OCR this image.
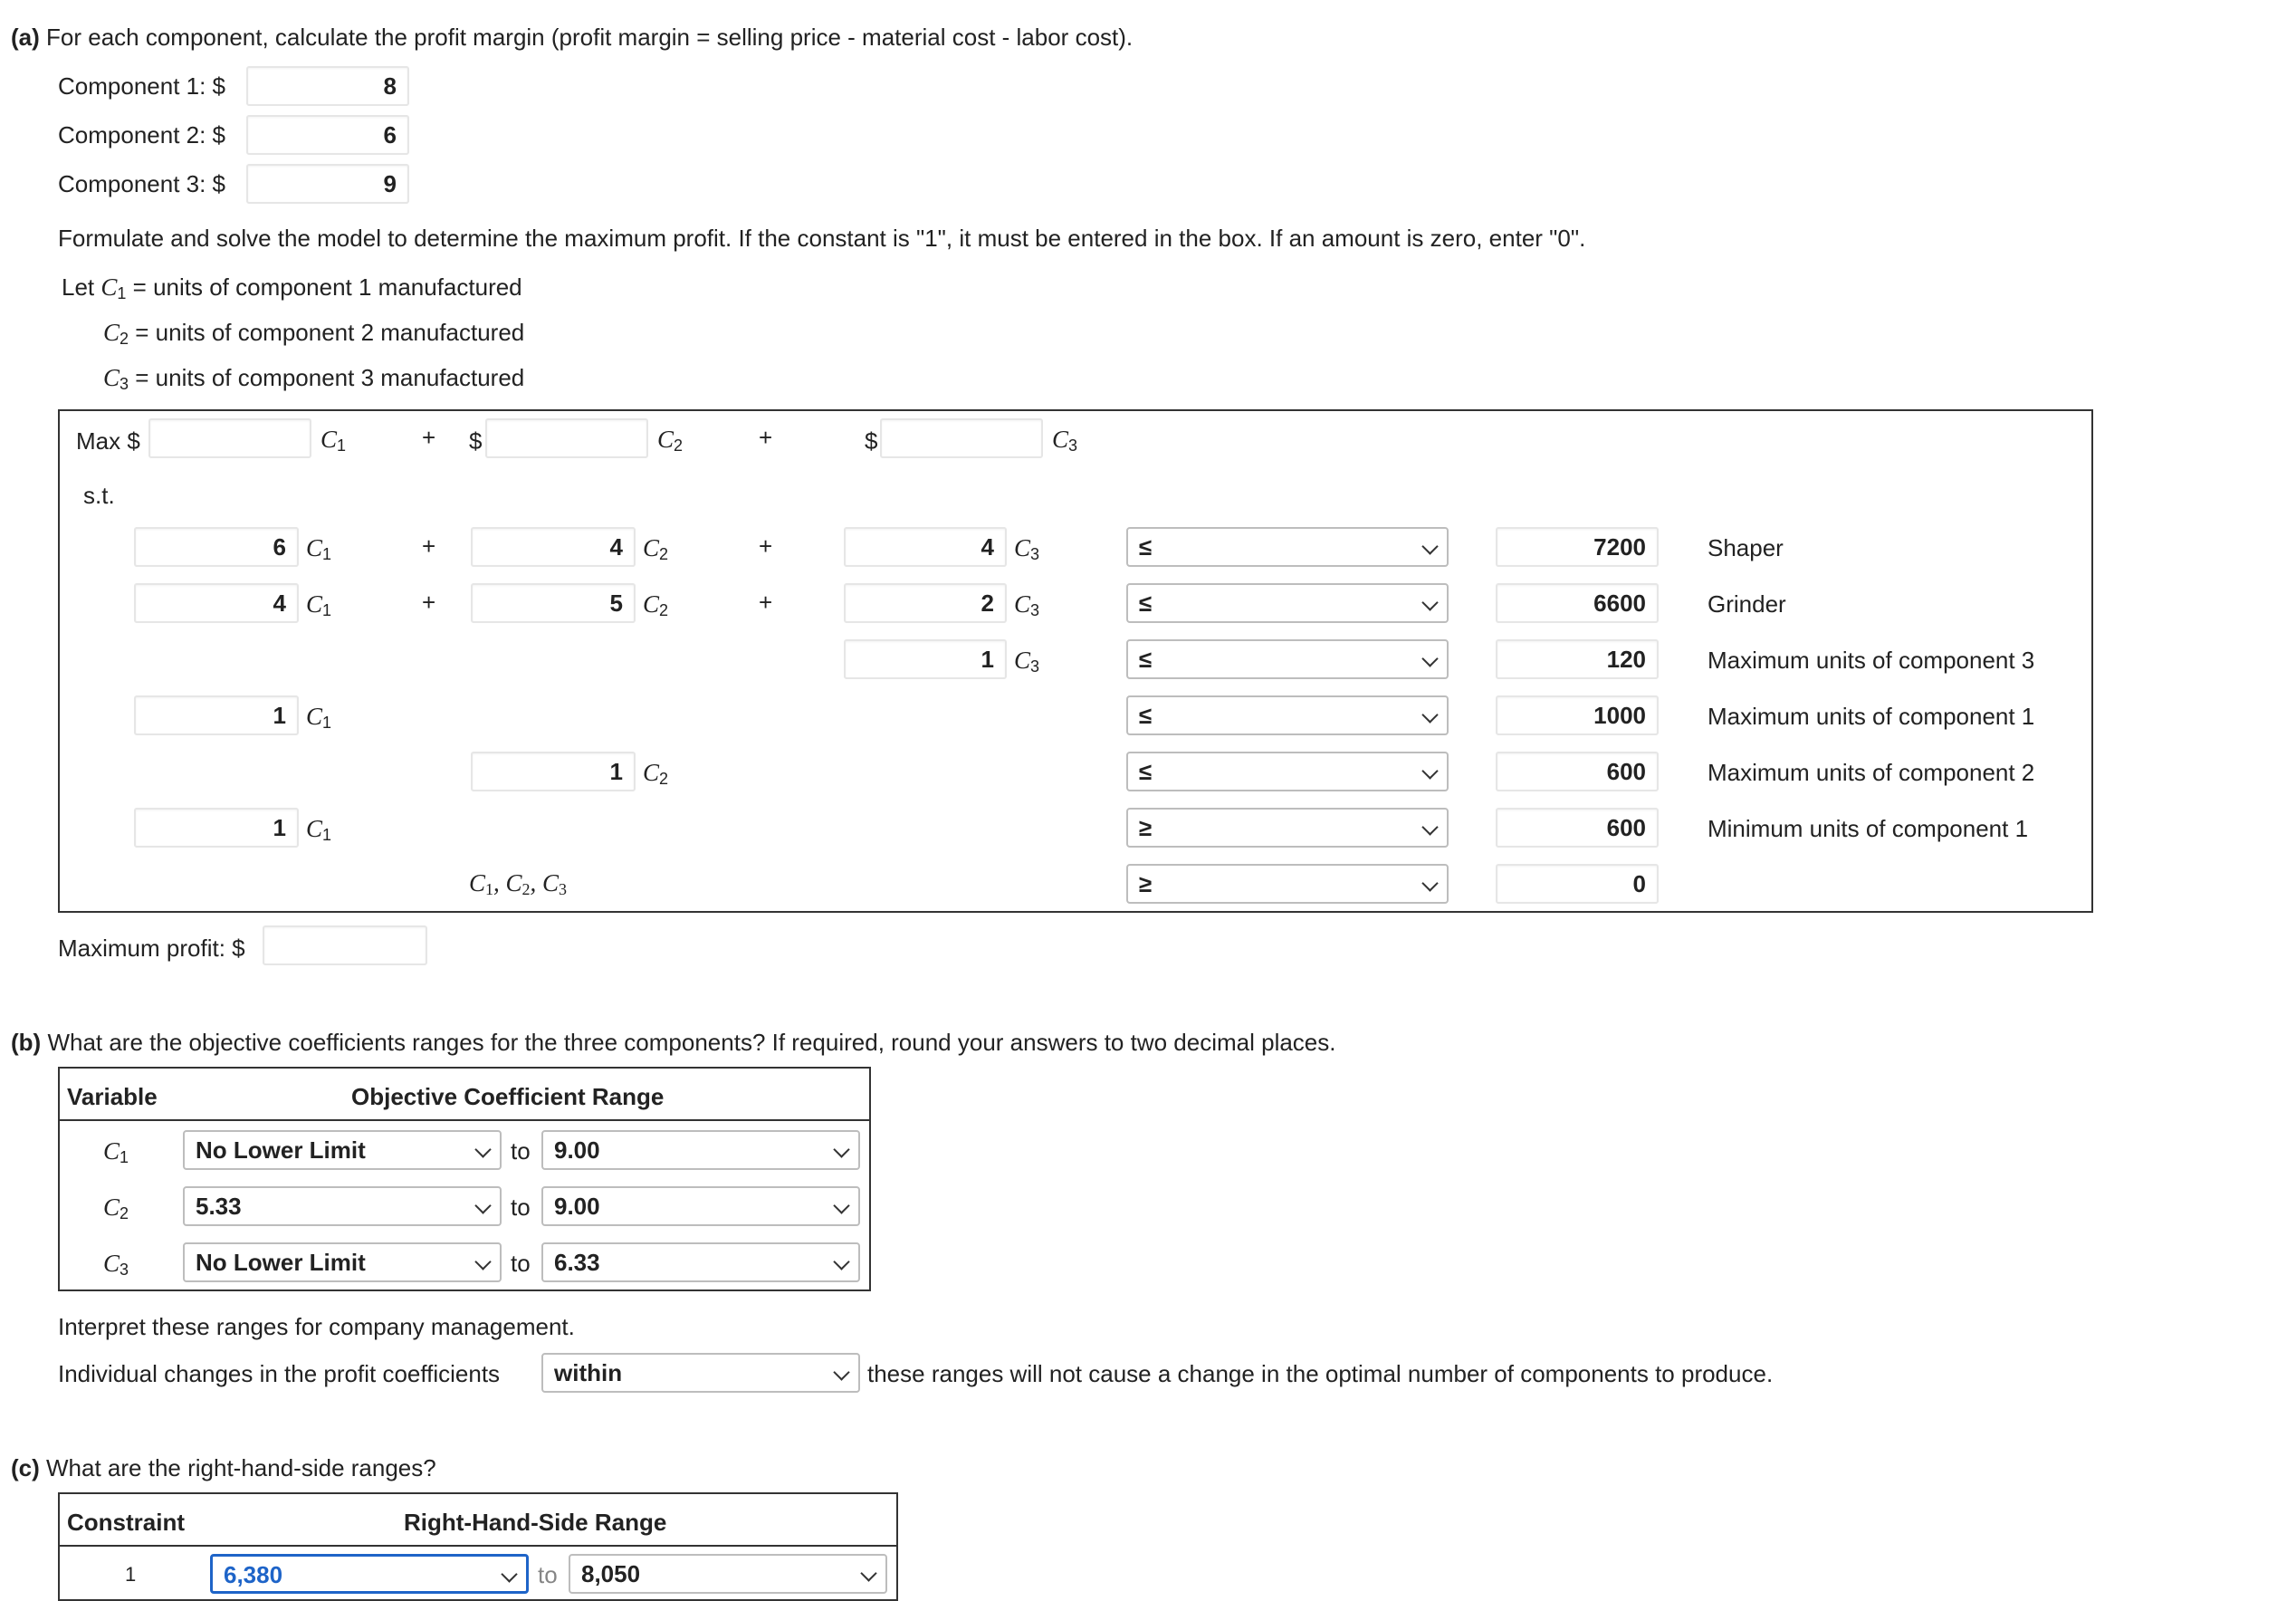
(a) For each component, calculate the profit margin (profit margin = selling price - material cost - labor cost).
Component 1: $	8
Component 2: $	6
Component 3: $	9
Formulate and solve the model to determine the maximum profit. If the constant is "1", it must be entered in the box. If an amount is zero, enter "0".
Let $C_1$ = units of component 1 manufactured
$C_2$ = units of component 2 manufactured
$C_3$ = units of component 3 manufactured
Max $	$C_1$	+ $	$C_2$	+	$	$C_3$
s.t.
6 $C_1$	+	4 $C_2$	+	4 $C_3$	≤	7200	Shaper
4 $C_1$	+	5 $C_2$	+	2 $C_3$	≤	6600	Grinder
1 $C_3$	≤	120	Maximum units of component 3
1 $C_1$	≤	1000	Maximum units of component 1
1 $C_2$	≤	600	Maximum units of component 2
1 $C_1$	≥	600	Minimum units of component 1
$C_1$, $C_2$, $C_3$	≥	0
Maximum profit: $
(b) What are the objective coefficients ranges for the three components? If required, round your answers to two decimal places.
Variable	Objective Coefficient Range
$C_1$	No Lower Limit	to	9.00
$C_2$	5.33	to	9.00
$C_3$	No Lower Limit	to	6.33
Interpret these ranges for company management.
Individual changes in the profit coefficients	within	these ranges will not cause a change in the optimal number of components to produce.
(c) What are the right-hand-side ranges?
Constraint	Right-Hand-Side Range
1	6,380	to	8,050
